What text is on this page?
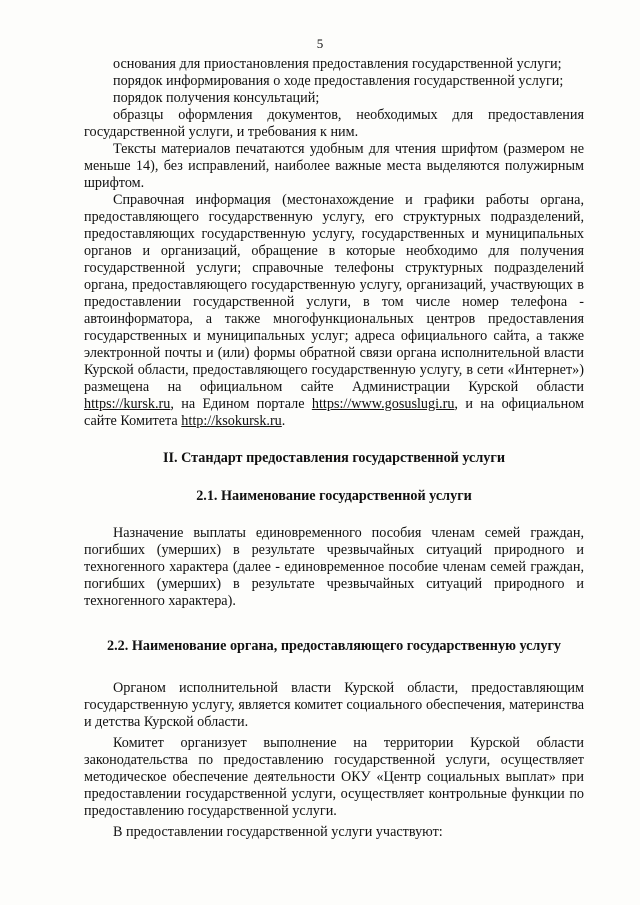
5

основания для приостановления предоставления государственной услуги;

порядок информирования о ходе предоставления государственной услуги;

порядок получения консультаций;

образцы оформления документов, необходимых для предоставления государственной услуги, и требования к ним.

Тексты материалов печатаются удобным для чтения шрифтом (размером не меньше 14), без исправлений, наиболее важные места выделяются полужирным шрифтом.

Справочная информация (местонахождение и графики работы органа, предоставляющего государственную услугу, его структурных подразделений, предоставляющих государственную услугу, государственных и муниципальных органов и организаций, обращение в которые необходимо для получения государственной услуги; справочные телефоны структурных подразделений органа, предоставляющего государственную услугу, организаций, участвующих в предоставлении государственной услуги, в том числе номер телефона - автоинформатора, а также многофункциональных центров предоставления государственных и муниципальных услуг; адреса официального сайта, а также электронной почты и (или) формы обратной связи органа исполнительной власти Курской области, предоставляющего государственную услугу, в сети «Интернет») размещена на официальном сайте Администрации Курской области https://kursk.ru, на Едином портале https://www.gosuslugi.ru, и на официальном сайте Комитета http://ksokursk.ru.

II. Стандарт предоставления государственной услуги

2.1. Наименование государственной услуги

Назначение выплаты единовременного пособия членам семей граждан, погибших (умерших) в результате чрезвычайных ситуаций природного и техногенного характера (далее - единовременное пособие членам семей граждан, погибших (умерших) в результате чрезвычайных ситуаций природного и техногенного характера).

2.2. Наименование органа, предоставляющего государственную услугу

Органом исполнительной власти Курской области, предоставляющим государственную услугу, является комитет социального обеспечения, материнства и детства Курской области.

Комитет организует выполнение на территории Курской области законодательства по предоставлению государственной услуги, осуществляет методическое обеспечение деятельности ОКУ «Центр социальных выплат» при предоставлении государственной услуги, осуществляет контрольные функции по предоставлению государственной услуги.

В предоставлении государственной услуги участвуют:
